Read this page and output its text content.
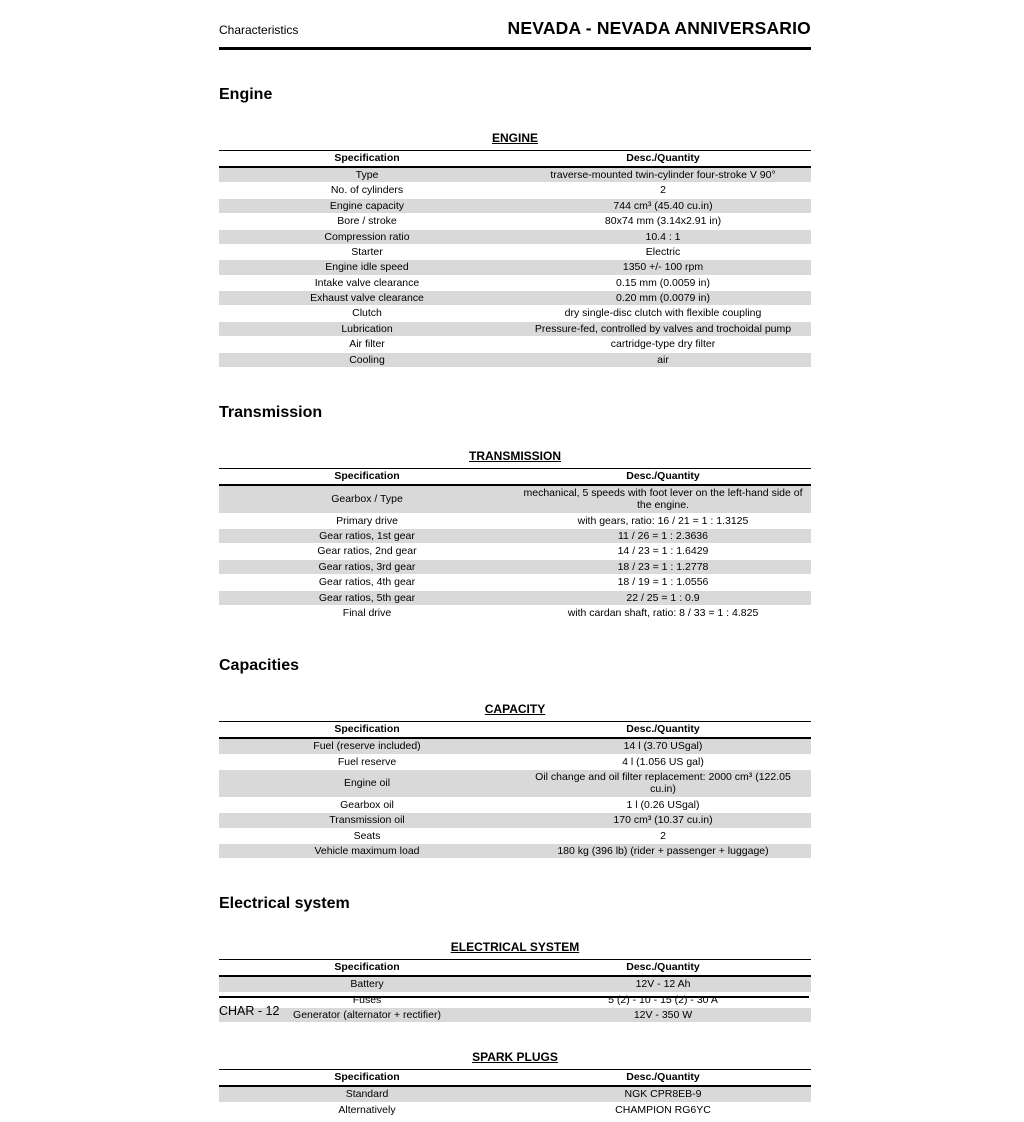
Characteristics	NEVADA - NEVADA ANNIVERSARIO
Engine
ENGINE
Specification	Desc./Quantity
Type	traverse-mounted twin-cylinder four-stroke V 90°
No. of cylinders	2
Engine capacity	744 cm³ (45.40 cu.in)
Bore / stroke	80x74 mm (3.14x2.91 in)
Compression ratio	10.4 : 1
Starter	Electric
Engine idle speed	1350 +/- 100 rpm
Intake valve clearance	0.15 mm (0.0059 in)
Exhaust valve clearance	0.20 mm (0.0079 in)
Clutch	dry single-disc clutch with flexible coupling
Lubrication	Pressure-fed, controlled by valves and trochoidal pump
Air filter	cartridge-type dry filter
Cooling	air
Transmission
TRANSMISSION
Specification	Desc./Quantity
Gearbox / Type	mechanical, 5 speeds with foot lever on the left-hand side of the engine.
Primary drive	with gears, ratio: 16 / 21 = 1 : 1.3125
Gear ratios, 1st gear	11 / 26 = 1 : 2.3636
Gear ratios, 2nd gear	14 / 23 = 1 : 1.6429
Gear ratios, 3rd gear	18 / 23 = 1 : 1.2778
Gear ratios, 4th gear	18 / 19 = 1 : 1.0556
Gear ratios, 5th gear	22 / 25 = 1 : 0.9
Final drive	with cardan shaft, ratio: 8 / 33 = 1 : 4.825
Capacities
CAPACITY
Specification	Desc./Quantity
Fuel (reserve included)	14 l (3.70 USgal)
Fuel reserve	4 l (1.056 US gal)
Engine oil	Oil change and oil filter replacement: 2000 cm³ (122.05 cu.in)
Gearbox oil	1 l (0.26 USgal)
Transmission oil	170 cm³ (10.37 cu.in)
Seats	2
Vehicle maximum load	180 kg (396 lb) (rider + passenger + luggage)
Electrical system
ELECTRICAL SYSTEM
Specification	Desc./Quantity
Battery	12V - 12 Ah
Fuses	5 (2) - 10 - 15 (2) - 30 A
Generator (alternator + rectifier)	12V - 350 W
SPARK PLUGS
Specification	Desc./Quantity
Standard	NGK CPR8EB-9
Alternatively	CHAMPION RG6YC
CHAR - 12
